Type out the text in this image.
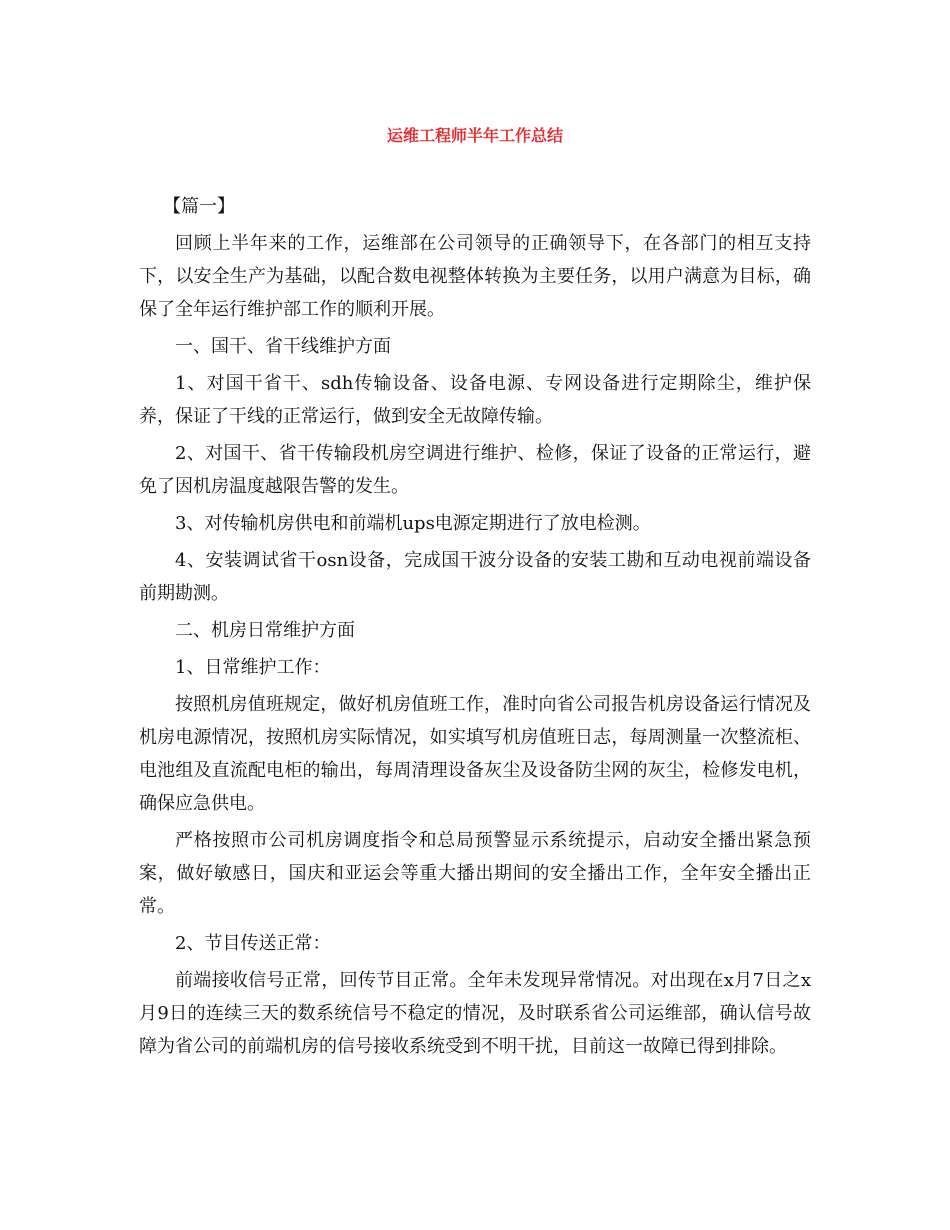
运维工程师半年工作总结

【篇一】

回顾上半年来的工作，运维部在公司领导的正确领导下，在各部门的相互支持下，以安全生产为基础，以配合数电视整体转换为主要任务，以用户满意为目标，确保了全年运行维护部工作的顺利开展。

一、国干、省干线维护方面

1、对国干省干、sdh传输设备、设备电源、专网设备进行定期除尘，维护保养，保证了干线的正常运行，做到安全无故障传输。

2、对国干、省干传输段机房空调进行维护、检修，保证了设备的正常运行，避免了因机房温度越限告警的发生。

3、对传输机房供电和前端机ups电源定期进行了放电检测。

4、安装调试省干osn设备，完成国干波分设备的安装工勘和互动电视前端设备前期勘测。

二、机房日常维护方面

1、日常维护工作：

按照机房值班规定，做好机房值班工作，准时向省公司报告机房设备运行情况及机房电源情况，按照机房实际情况，如实填写机房值班日志，每周测量一次整流柜、电池组及直流配电柜的输出，每周清理设备灰尘及设备防尘网的灰尘，检修发电机，确保应急供电。

严格按照市公司机房调度指令和总局预警显示系统提示，启动安全播出紧急预案，做好敏感日，国庆和亚运会等重大播出期间的安全播出工作，全年安全播出正常。

2、节目传送正常：

前端接收信号正常，回传节目正常。全年未发现异常情况。对出现在x月7日之x月9日的连续三天的数系统信号不稳定的情况，及时联系省公司运维部，确认信号故障为省公司的前端机房的信号接收系统受到不明干扰，目前这一故障已得到排除。
